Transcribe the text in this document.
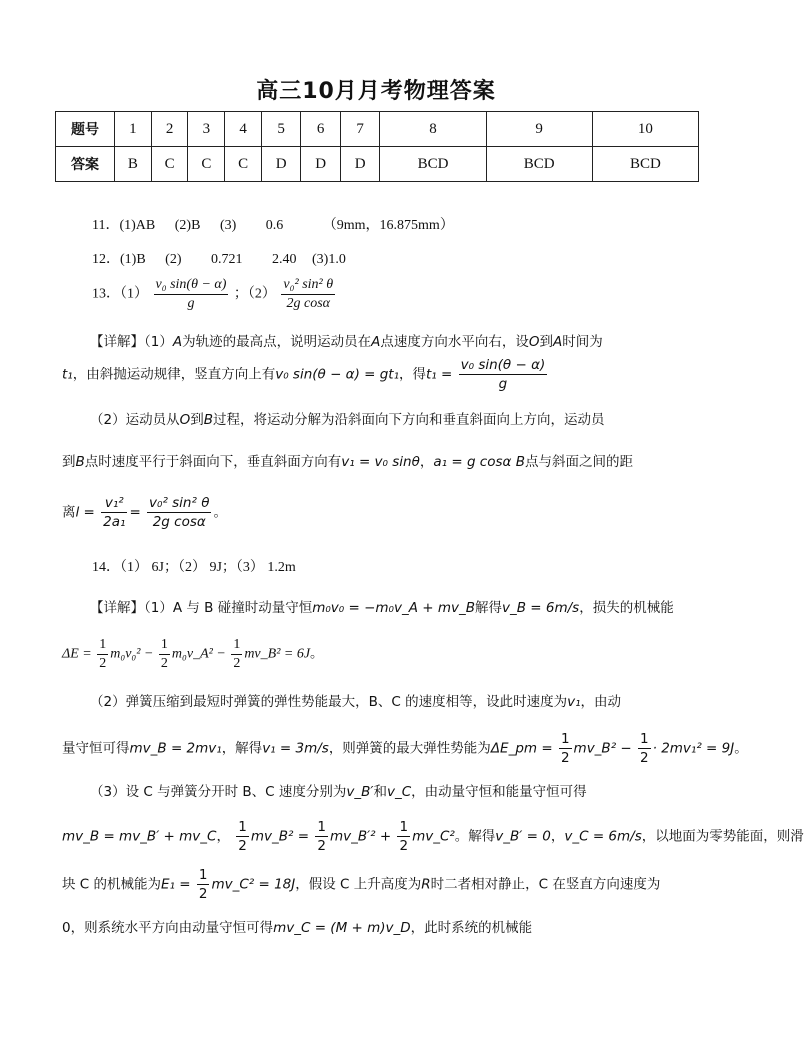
高三10月月考物理答案
题号	1	2	3	4	5	6	7	8	9	10
答案	B	C	C	C	D	D	D	BCD	BCD	BCD
11．(1)AB (2)B (3) 0.6	（9mm，16.875mm）
12．(1)B (2) 0.721 2.40 (3)1.0
13．$(1) \frac{\text{v₀ sin(θ − α)}}{g}$ ；$(2) \frac{\text{v₀² sin² θ}}{\text{2g cosα}}$
【详解】（1）A为轨迹的最高点，说明运动员在A点速度方向水平向右，设O到A时间为
t₁，由斜抛运动规律，竖直方向上有v₀ sin(θ − α) = gt₁，得$t_1 = \frac{\text{v₀ sin(θ − α)}}{g}$
（2）运动员从O到B过程，将运动分解为沿斜面向下方向和垂直斜面向上方向，运动员
到B点时速度平行于斜面向下，垂直斜面方向有v₁ = v₀ sinθ，a₁ = g cosα B点与斜面之间的距
离$l = \frac{\text{v₁²}}{\text{2a₁}} = \frac{\text{v₀² sin² θ}}{\text{2g cosα}}$ 。
14．（1） 6J；（2） 9J；（3） 1.2m
【详解】（1）A 与 B 碰撞时动量守恒m₀v₀ = −m₀v_A + mv_B解得v_B = 6m/s，损失的机械能
$\Delta E = \frac{1}{2} m_0v_0^2 - \frac{1}{2}$ m₀v_A² − $\frac{1}{2}$ mv_B² = 6J。
（2）弹簧压缩到最短时弹簧的弹性势能最大，B、C 的速度相等，设此时速度为v₁，由动
量守恒可得mv_B = 2mv₁，解得v₁ = 3m/s，则弹簧的最大弹性势能为ΔE_pm = $\frac{1}{2}$ mv_B² − $\frac{1}{2} \cdot 2mv_1^2 = 9J$。
（3）设 C 与弹簧分开时 B、C 速度分别为v_B′和v_C，由动量守恒和能量守恒可得
mv_B = mv_B′ + mv_C， $\frac{1}{2}$ mv_B² = $\frac{1}{2}$ mv_B′² + $\frac{1}{2}$ mv_C²。解得v_B′ = 0，v_C = 6m/s，以地面为零势能面，则滑
块 C 的机械能为$E_1 = \frac{1}{2}$ mv_C² = 18J，假设 C 上升高度为R时二者相对静止，C 在竖直方向速度为
0，则系统水平方向由动量守恒可得mv_C = (M + m)v_D，此时系统的机械能
